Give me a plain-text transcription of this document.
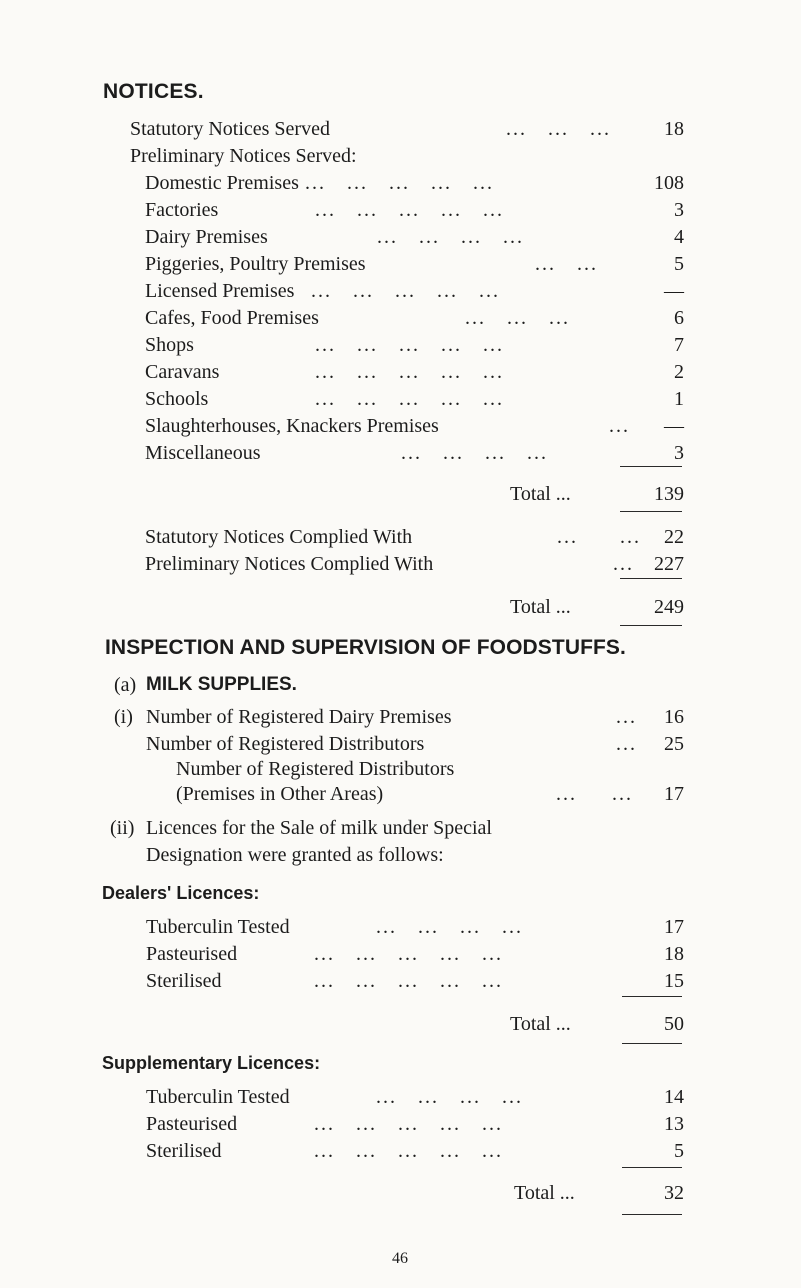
NOTICES.
Statutory Notices Served	...   ...   ...	18
Preliminary Notices Served:
Domestic Premises ...   ...   ...   ...   ...	108
Factories	...   ...   ...   ...   ...	3
Dairy Premises	...   ...   ...   ...	4
Piggeries, Poultry Premises	...   ...	5
Licensed Premises ...   ...   ...   ...   ...	—
Cafes, Food Premises	...   ...   ...	6
Shops	...   ...   ...   ...   ...	7
Caravans	...   ...   ...   ...   ...	2
Schools	...   ...   ...   ...   ...	1
Slaughterhouses, Knackers Premises	... —
Miscellaneous	...   ...   ...   ...	3
Total ...	139
Statutory Notices Complied With	...      ... 22
Preliminary Notices Complied With	... 227
Total ...	249
INSPECTION AND SUPERVISION OF FOODSTUFFS.
(a) MILK SUPPLIES.
(i) Number of Registered Dairy Premises	... 16
Number of Registered Distributors	... 25
Number of Registered Distributors
(Premises in Other Areas)	...     ... 17
(ii) Licences for the Sale of milk under Special
Designation were granted as follows:
Dealers' Licences:
Tuberculin Tested	...   ...   ...   ...	17
Pasteurised	...   ...   ...   ...   ...	18
Sterilised	...   ...   ...   ...   ...	15
Total ...	50
Supplementary Licences:
Tuberculin Tested	...   ...   ...   ...	14
Pasteurised	...   ...   ...   ...   ...	13
Sterilised	...   ...   ...   ...   ...	5
Total ...	32
46
